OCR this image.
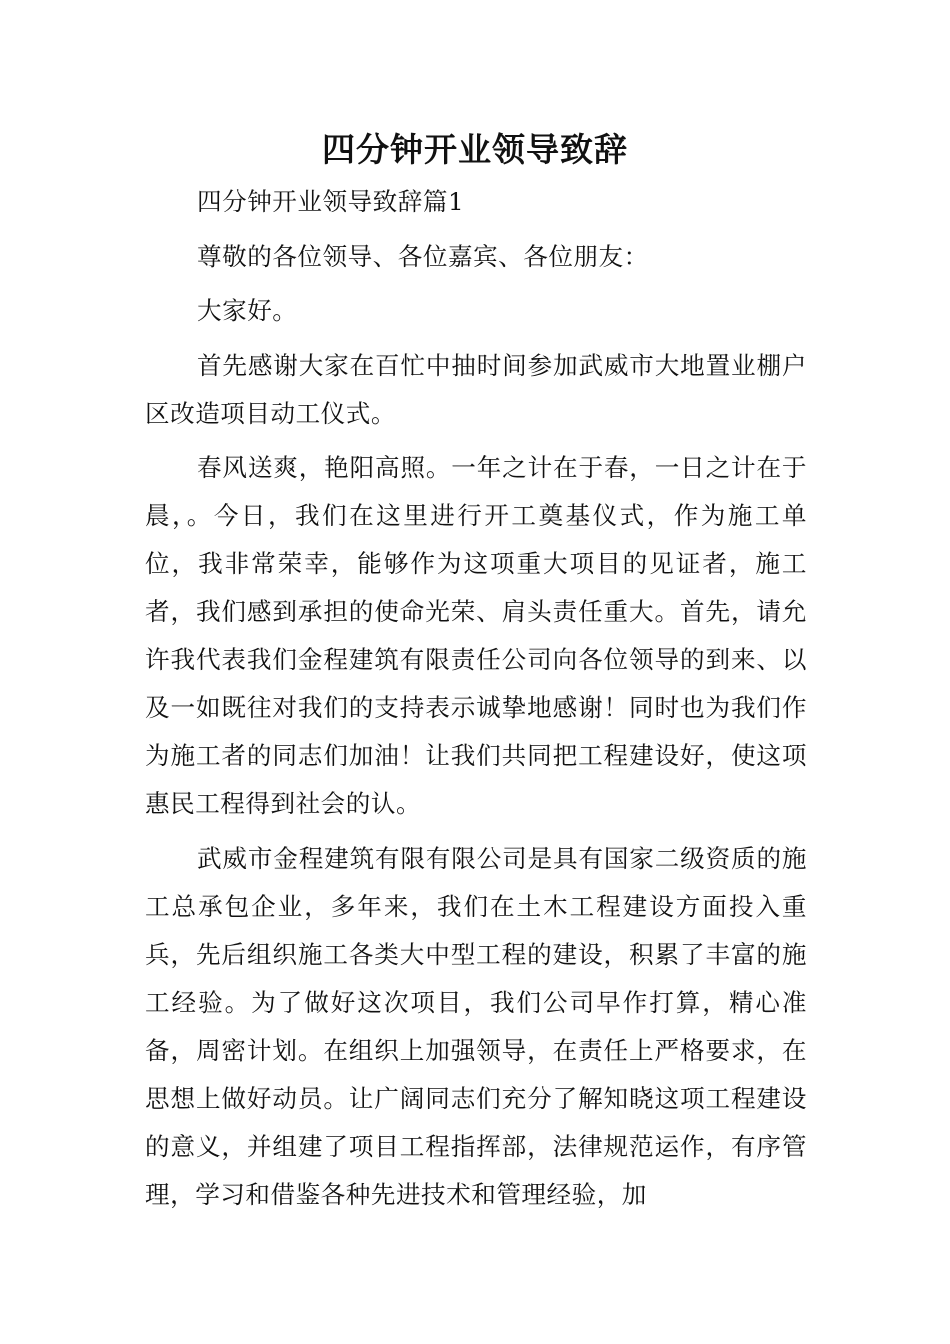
四分钟开业领导致辞

四分钟开业领导致辞篇1

尊敬的各位领导、各位嘉宾、各位朋友：

大家好。

首先感谢大家在百忙中抽时间参加武威市大地置业棚户区改造项目动工仪式。

春风送爽，艳阳高照。一年之计在于春，一日之计在于晨，。今日，我们在这里进行开工奠基仪式，作为施工单位，我非常荣幸，能够作为这项重大项目的见证者，施工者，我们感到承担的使命光荣、肩头责任重大。首先，请允许我代表我们金程建筑有限责任公司向各位领导的到来、以及一如既往对我们的支持表示诚挚地感谢！同时也为我们作为施工者的同志们加油！让我们共同把工程建设好，使这项惠民工程得到社会的认。

武威市金程建筑有限有限公司是具有国家二级资质的施工总承包企业，多年来，我们在土木工程建设方面投入重兵，先后组织施工各类大中型工程的建设，积累了丰富的施工经验。为了做好这次项目，我们公司早作打算，精心准备，周密计划。在组织上加强领导，在责任上严格要求，在思想上做好动员。让广阔同志们充分了解知晓这项工程建设的意义，并组建了项目工程指挥部，法律规范运作，有序管理，学习和借鉴各种先进技术和管理经验，加
